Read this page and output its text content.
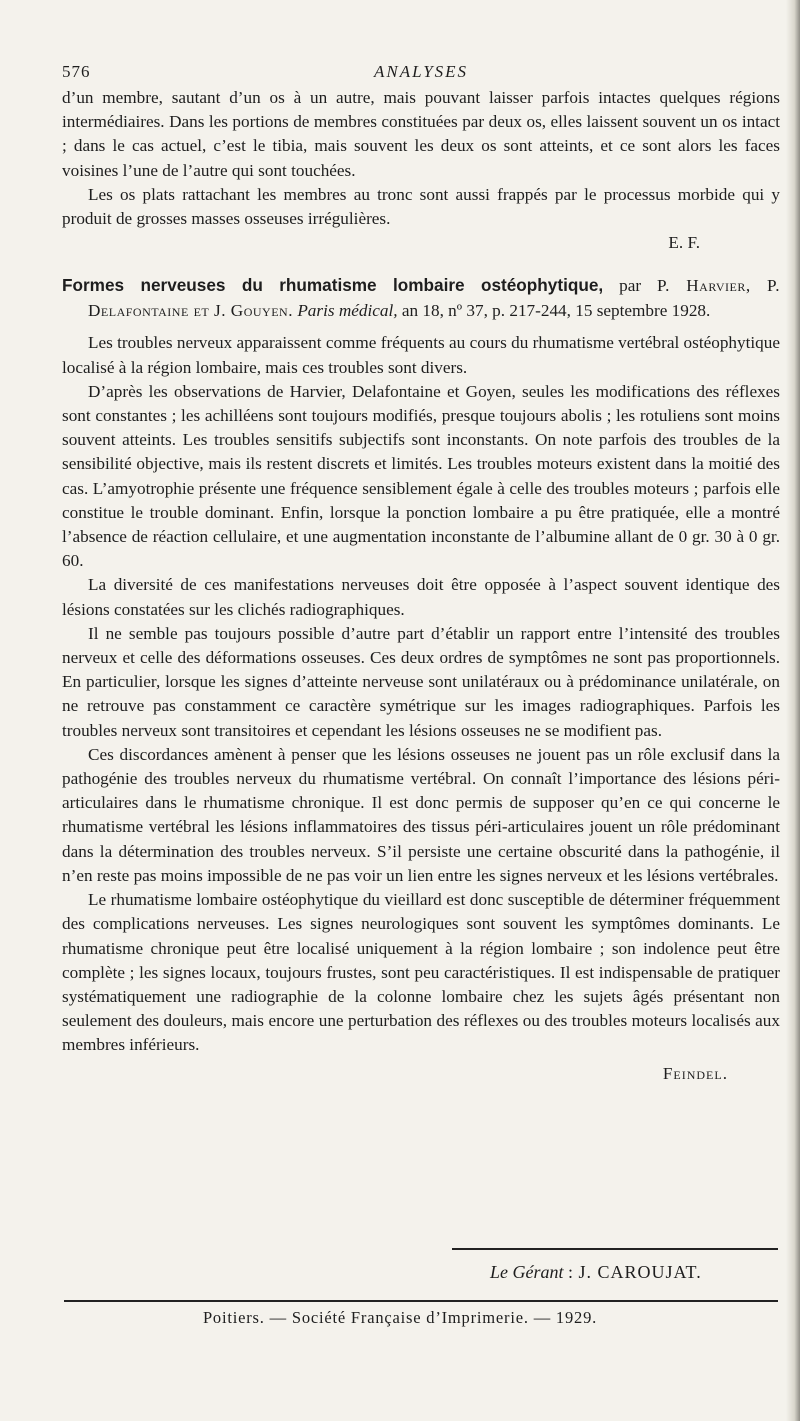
576	ANALYSES

d’un membre, sautant d’un os à un autre, mais pouvant laisser parfois intactes quelques régions intermédiaires. Dans les portions de membres constituées par deux os, elles laissent souvent un os intact ; dans le cas actuel, c’est le tibia, mais souvent les deux os sont atteints, et ce sont alors les faces voisines l’une de l’autre qui sont touchées.

Les os plats rattachant les membres au tronc sont aussi frappés par le processus morbide qui y produit de grosses masses osseuses irrégulières.

E. F.

Formes nerveuses du rhumatisme lombaire ostéophytique, par P. Harvier, P. Delafontaine et J. Gouyen. Paris médical, an 18, nº 37, p. 217-244, 15 septembre 1928.

Les troubles nerveux apparaissent comme fréquents au cours du rhumatisme vertébral ostéophytique localisé à la région lombaire, mais ces troubles sont divers.

D’après les observations de Harvier, Delafontaine et Goyen, seules les modifications des réflexes sont constantes ; les achilléens sont toujours modifiés, presque toujours abolis ; les rotuliens sont moins souvent atteints. Les troubles sensitifs subjectifs sont inconstants. On note parfois des troubles de la sensibilité objective, mais ils restent discrets et limités. Les troubles moteurs existent dans la moitié des cas. L’amyotrophie présente une fréquence sensiblement égale à celle des troubles moteurs ; parfois elle constitue le trouble dominant. Enfin, lorsque la ponction lombaire a pu être pratiquée, elle a montré l’absence de réaction cellulaire, et une augmentation inconstante de l’albumine allant de 0 gr. 30 à 0 gr. 60.

La diversité de ces manifestations nerveuses doit être opposée à l’aspect souvent identique des lésions constatées sur les clichés radiographiques.

Il ne semble pas toujours possible d’autre part d’établir un rapport entre l’intensité des troubles nerveux et celle des déformations osseuses. Ces deux ordres de symptômes ne sont pas proportionnels. En particulier, lorsque les signes d’atteinte nerveuse sont unilatéraux ou à prédominance unilatérale, on ne retrouve pas constamment ce caractère symétrique sur les images radiographiques. Parfois les troubles nerveux sont transitoires et cependant les lésions osseuses ne se modifient pas.

Ces discordances amènent à penser que les lésions osseuses ne jouent pas un rôle exclusif dans la pathogénie des troubles nerveux du rhumatisme vertébral. On connaît l’importance des lésions péri-articulaires dans le rhumatisme chronique. Il est donc permis de supposer qu’en ce qui concerne le rhumatisme vertébral les lésions inflammatoires des tissus péri-articulaires jouent un rôle prédominant dans la détermination des troubles nerveux. S’il persiste une certaine obscurité dans la pathogénie, il n’en reste pas moins impossible de ne pas voir un lien entre les signes nerveux et les lésions vertébrales.

Le rhumatisme lombaire ostéophytique du vieillard est donc susceptible de déterminer fréquemment des complications nerveuses. Les signes neurologiques sont souvent les symptômes dominants. Le rhumatisme chronique peut être localisé uniquement à la région lombaire ; son indolence peut être complète ; les signes locaux, toujours frustes, sont peu caractéristiques. Il est indispensable de pratiquer systématiquement une radiographie de la colonne lombaire chez les sujets âgés présentant non seulement des douleurs, mais encore une perturbation des réflexes ou des troubles moteurs localisés aux membres inférieurs.

Feindel.

Le Gérant : J. CAROUJAT.
Poitiers. — Société Française d’Imprimerie. — 1929.
